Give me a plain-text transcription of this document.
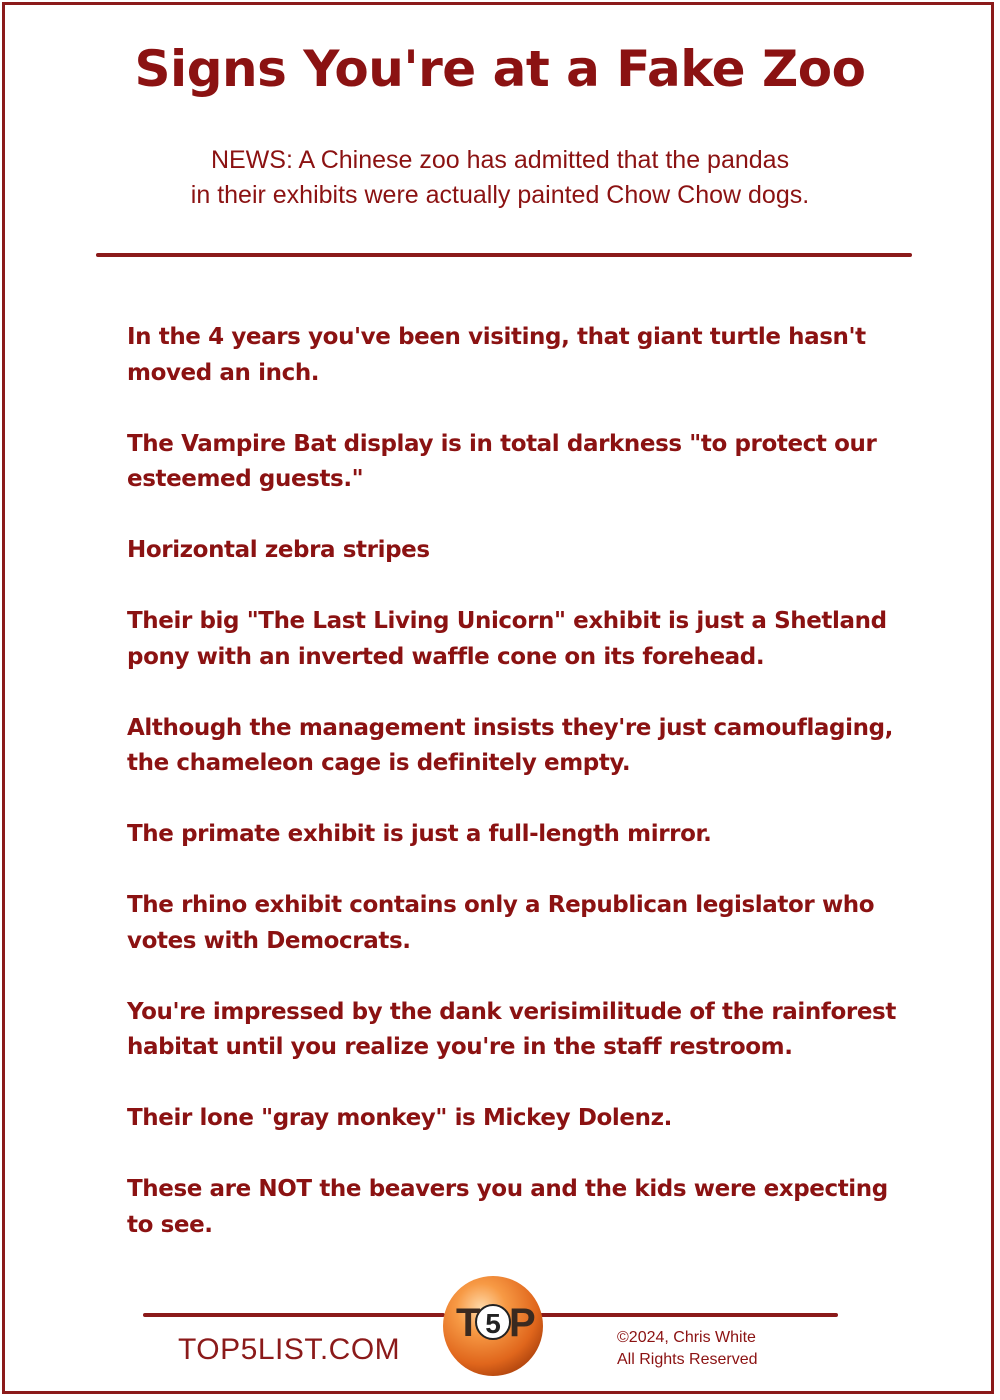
Signs You're at a Fake Zoo

NEWS: A Chinese zoo has admitted that the pandas
in their exhibits were actually painted Chow Chow dogs.

In the 4 years you've been visiting, that giant turtle hasn't moved an inch.
The Vampire Bat display is in total darkness "to protect our esteemed guests."
Horizontal zebra stripes
Their big "The Last Living Unicorn" exhibit is just a Shetland pony with an inverted waffle cone on its forehead.
Although the management insists they're just camouflaging, the chameleon cage is definitely empty.
The primate exhibit is just a full-length mirror.
The rhino exhibit contains only a Republican legislator who votes with Democrats.
You're impressed by the dank verisimilitude of the rainforest habitat until you realize you're in the staff restroom.
Their lone "gray monkey" is Mickey Dolenz.
These are NOT the beavers you and the kids were expecting to see.
TOP5LIST.COM
T 5 P	©2024, Chris White
All Rights Reserved
